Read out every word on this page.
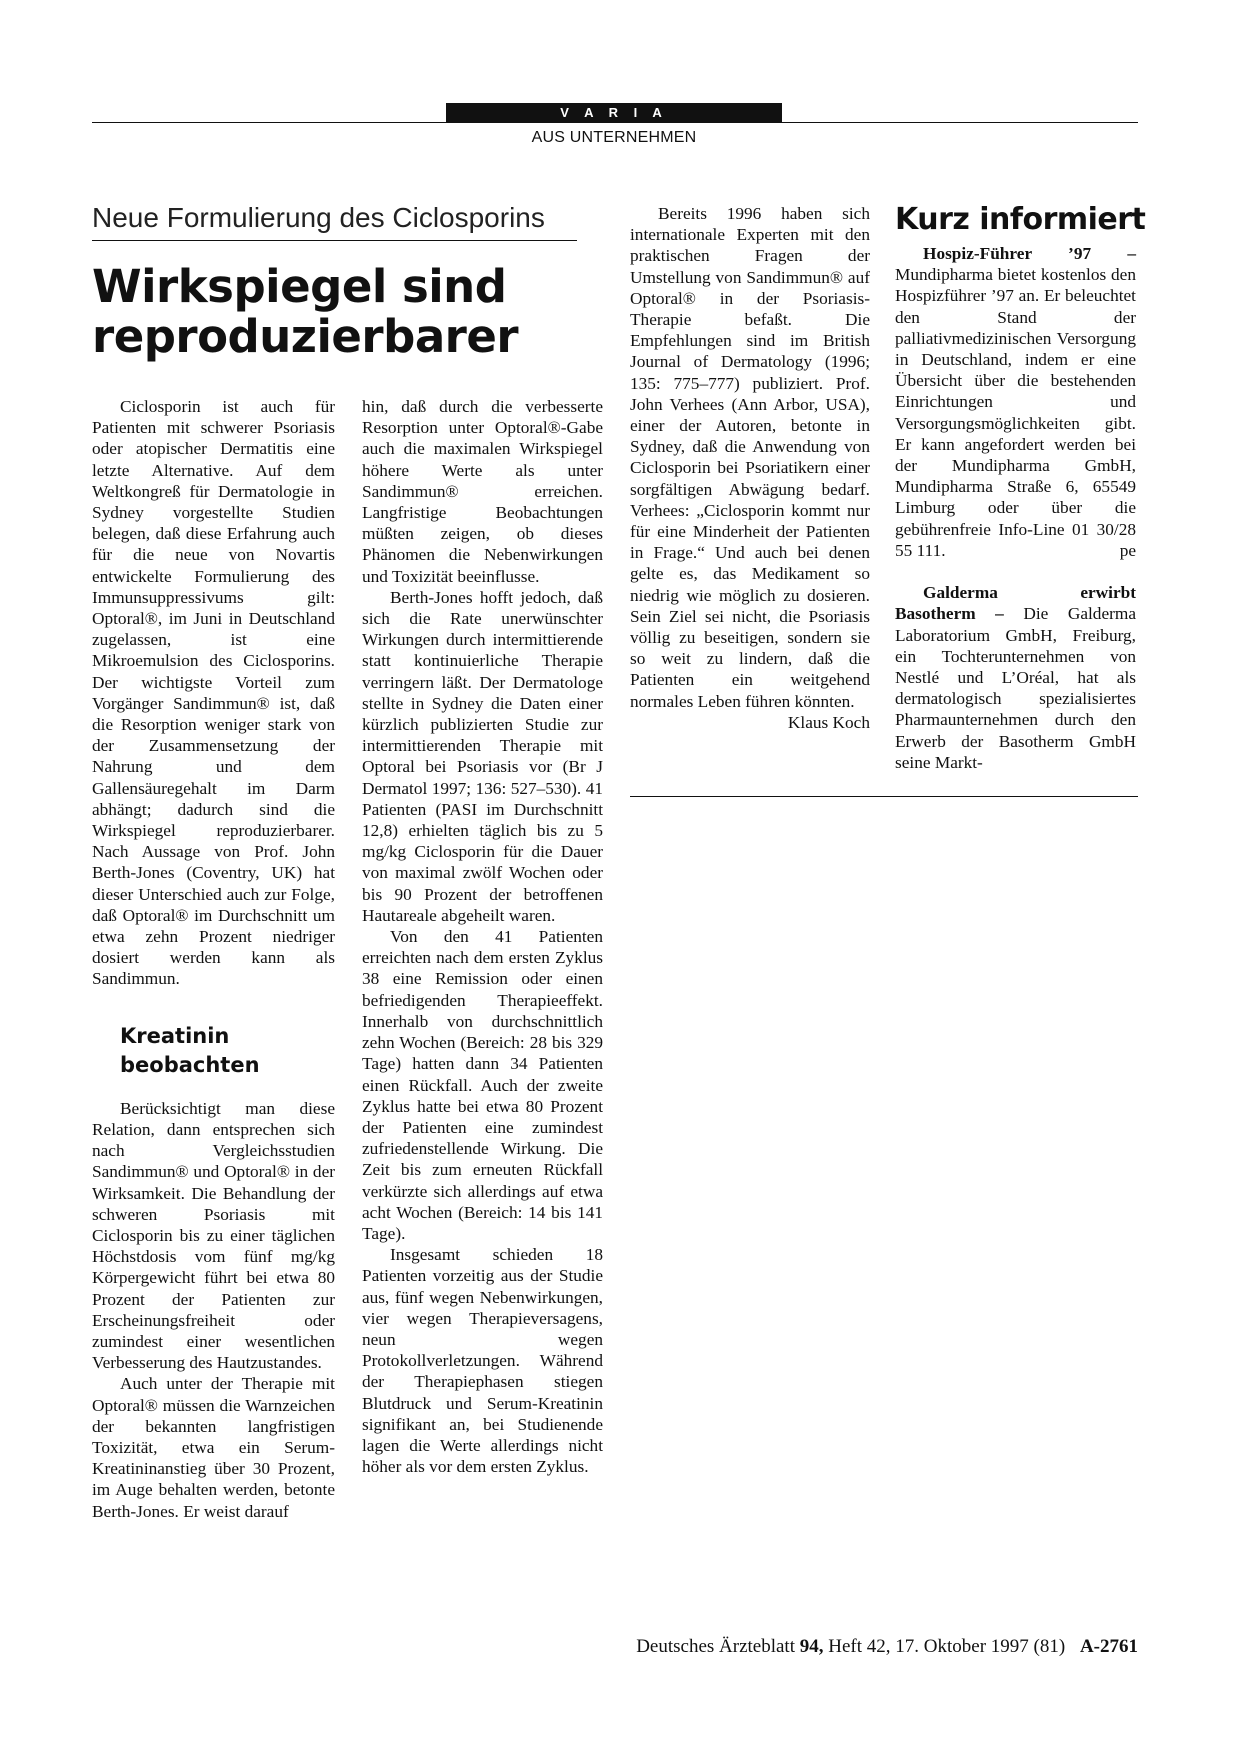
V A R I A
AUS UNTERNEHMEN
Neue Formulierung des Ciclosporins
Wirkspiegel sind
reproduzierbarer

Ciclosporin ist auch für Patienten mit schwerer Psoriasis oder atopischer Dermatitis eine letzte Alternative. Auf dem Weltkongreß für Dermatologie in Sydney vorgestellte Studien belegen, daß diese Erfahrung auch für die neue von Novartis entwickelte Formulierung des Immunsuppressivums gilt: Optoral®, im Juni in Deutschland zugelassen, ist eine Mikroemulsion des Ciclosporins. Der wichtigste Vorteil zum Vorgänger Sandimmun® ist, daß die Resorption weniger stark von der Zusammensetzung der Nahrung und dem Gallensäuregehalt im Darm abhängt; dadurch sind die Wirkspiegel reproduzierbarer. Nach Aussage von Prof. John Berth-Jones (Coventry, UK) hat dieser Unterschied auch zur Folge, daß Optoral® im Durchschnitt um etwa zehn Prozent niedriger dosiert werden kann als Sandimmun.

Kreatinin
beobachten

Berücksichtigt man diese Relation, dann entsprechen sich nach Vergleichsstudien Sandimmun® und Optoral® in der Wirksamkeit. Die Behandlung der schweren Psoriasis mit Ciclosporin bis zu einer täglichen Höchstdosis vom fünf mg/kg Körpergewicht führt bei etwa 80 Prozent der Patienten zur Erscheinungsfreiheit oder zumindest einer wesentlichen Verbesserung des Hautzustandes.

Auch unter der Therapie mit Optoral® müssen die Warnzeichen der bekannten langfristigen Toxizität, etwa ein Serum-Kreatininanstieg über 30 Prozent, im Auge behalten werden, betonte Berth-Jones. Er weist darauf

hin, daß durch die verbesserte Resorption unter Optoral®-Gabe auch die maximalen Wirkspiegel höhere Werte als unter Sandimmun® erreichen. Langfristige Beobachtungen müßten zeigen, ob dieses Phänomen die Nebenwirkungen und Toxizität beeinflusse.

Berth-Jones hofft jedoch, daß sich die Rate unerwünschter Wirkungen durch intermittierende statt kontinuierliche Therapie verringern läßt. Der Dermatologe stellte in Sydney die Daten einer kürzlich publizierten Studie zur intermittierenden Therapie mit Optoral bei Psoriasis vor (Br J Dermatol 1997; 136: 527–530). 41 Patienten (PASI im Durchschnitt 12,8) erhielten täglich bis zu 5 mg/kg Ciclosporin für die Dauer von maximal zwölf Wochen oder bis 90 Prozent der betroffenen Hautareale abgeheilt waren.

Von den 41 Patienten erreichten nach dem ersten Zyklus 38 eine Remission oder einen befriedigenden Therapieeffekt. Innerhalb von durchschnittlich zehn Wochen (Bereich: 28 bis 329 Tage) hatten dann 34 Patienten einen Rückfall. Auch der zweite Zyklus hatte bei etwa 80 Prozent der Patienten eine zumindest zufriedenstellende Wirkung. Die Zeit bis zum erneuten Rückfall verkürzte sich allerdings auf etwa acht Wochen (Bereich: 14 bis 141 Tage).

Insgesamt schieden 18 Patienten vorzeitig aus der Studie aus, fünf wegen Nebenwirkungen, vier wegen Therapieversagens, neun wegen Protokollverletzungen. Während der Therapiephasen stiegen Blutdruck und Serum-Kreatinin signifikant an, bei Studienende lagen die Werte allerdings nicht höher als vor dem ersten Zyklus.

Bereits 1996 haben sich internationale Experten mit den praktischen Fragen der Umstellung von Sandimmun® auf Optoral® in der Psoriasis-Therapie befaßt. Die Empfehlungen sind im British Journal of Dermatology (1996; 135: 775–777) publiziert. Prof. John Verhees (Ann Arbor, USA), einer der Autoren, betonte in Sydney, daß die Anwendung von Ciclosporin bei Psoriatikern einer sorgfältigen Abwägung bedarf. Verhees: „Ciclosporin kommt nur für eine Minderheit der Patienten in Frage.“ Und auch bei denen gelte es, das Medikament so niedrig wie möglich zu dosieren. Sein Ziel sei nicht, die Psoriasis völlig zu beseitigen, sondern sie so weit zu lindern, daß die Patienten ein weitgehend normales Leben führen könnten.

Klaus Koch
Kurz informiert

Hospiz-Führer ’97 – Mundipharma bietet kostenlos den Hospizführer ’97 an. Er beleuchtet den Stand der palliativmedizinischen Versorgung in Deutschland, indem er eine Übersicht über die bestehenden Einrichtungen und Versorgungsmöglichkeiten gibt. Er kann angefordert werden bei der Mundipharma GmbH, Mundipharma Straße 6, 65549 Limburg oder über die gebührenfreie Info-Line 01 30/28 55 111.	pe

Galderma erwirbt Basotherm – Die Galderma Laboratorium GmbH, Freiburg, ein Tochterunternehmen von Nestlé und L’Oréal, hat als dermatologisch spezialisiertes Pharmaunternehmen durch den Erwerb der Basotherm GmbH seine Markt-

Deutsches Ärzteblatt 94, Heft 42, 17. Oktober 1997 (81) A-2761
